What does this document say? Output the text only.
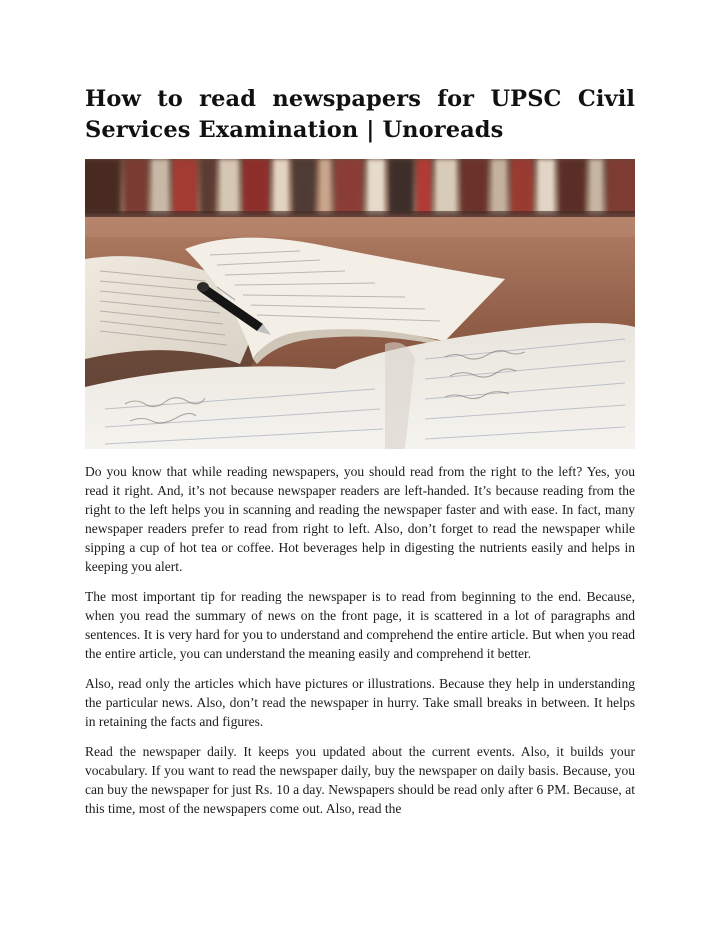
How to read newspapers for UPSC Civil Services Examination | Unoreads

Do you know that while reading newspapers, you should read from the right to the left? Yes, you read it right. And, it’s not because newspaper readers are left-handed. It’s because reading from the right to the left helps you in scanning and reading the newspaper faster and with ease. In fact, many newspaper readers prefer to read from right to left. Also, don’t forget to read the newspaper while sipping a cup of hot tea or coffee. Hot beverages help in digesting the nutrients easily and helps in keeping you alert.

The most important tip for reading the newspaper is to read from beginning to the end. Because, when you read the summary of news on the front page, it is scattered in a lot of paragraphs and sentences. It is very hard for you to understand and comprehend the entire article. But when you read the entire article, you can understand the meaning easily and comprehend it better.

Also, read only the articles which have pictures or illustrations. Because they help in understanding the particular news. Also, don’t read the newspaper in hurry. Take small breaks in between. It helps in retaining the facts and figures.

Read the newspaper daily. It keeps you updated about the current events. Also, it builds your vocabulary. If you want to read the newspaper daily, buy the newspaper on daily basis. Because, you can buy the newspaper for just Rs. 10 a day. Newspapers should be read only after 6 PM. Because, at this time, most of the newspapers come out. Also, read the
